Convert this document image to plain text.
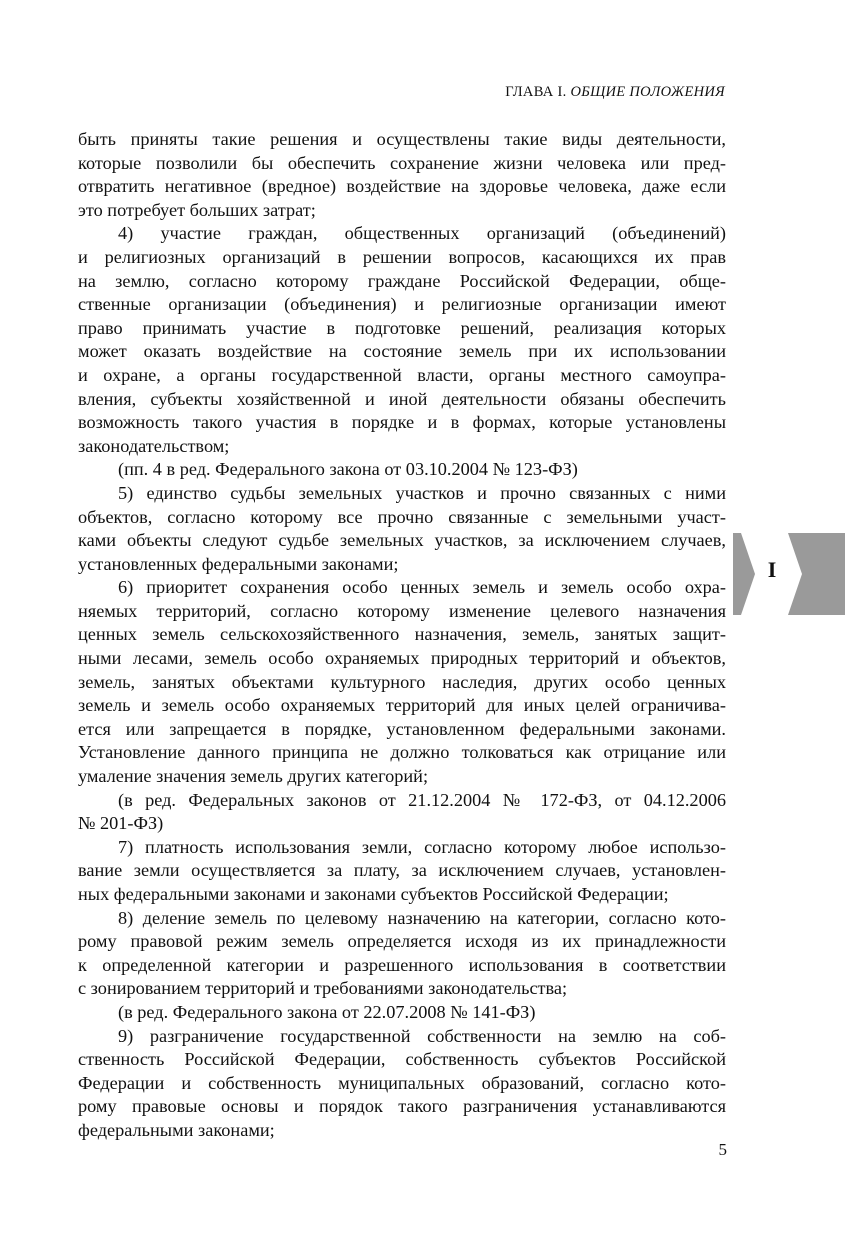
ГЛАВА I. ОБЩИЕ ПОЛОЖЕНИЯ

быть приняты такие решения и осуществлены такие виды деятельности,
которые позволили бы обеспечить сохранение жизни человека или пред-
отвратить негативное (вредное) воздействие на здоровье человека, даже если
это потребует больших затрат;

4) участие граждан, общественных организаций (объединений)
и религиозных организаций в решении вопросов, касающихся их прав
на землю, согласно которому граждане Российской Федерации, обще-
ственные организации (объединения) и религиозные организации имеют
право принимать участие в подготовке решений, реализация которых
может оказать воздействие на состояние земель при их использовании
и охране, а органы государственной власти, органы местного самоупра-
вления, субъекты хозяйственной и иной деятельности обязаны обеспечить
возможность такого участия в порядке и в формах, которые установлены
законодательством;

(пп. 4 в ред. Федерального закона от 03.10.2004 № 123-ФЗ)

5) единство судьбы земельных участков и прочно связанных с ними
объектов, согласно которому все прочно связанные с земельными участ-
ками объекты следуют судьбе земельных участков, за исключением случаев,
установленных федеральными законами;

6) приоритет сохранения особо ценных земель и земель особо охра-
няемых территорий, согласно которому изменение целевого назначения
ценных земель сельскохозяйственного назначения, земель, занятых защит-
ными лесами, земель особо охраняемых природных территорий и объектов,
земель, занятых объектами культурного наследия, других особо ценных
земель и земель особо охраняемых территорий для иных целей ограничива-
ется или запрещается в порядке, установленном федеральными законами.
Установление данного принципа не должно толковаться как отрицание или
умаление значения земель других категорий;

(в ред. Федеральных законов от 21.12.2004 № 172-ФЗ, от 04.12.2006
№ 201-ФЗ)

7) платность использования земли, согласно которому любое использо-
вание земли осуществляется за плату, за исключением случаев, установлен-
ных федеральными законами и законами субъектов Российской Федерации;

8) деление земель по целевому назначению на категории, согласно кото-
рому правовой режим земель определяется исходя из их принадлежности
к определенной категории и разрешенного использования в соответствии
с зонированием территорий и требованиями законодательства;

(в ред. Федерального закона от 22.07.2008 № 141-ФЗ)

9) разграничение государственной собственности на землю на соб-
ственность Российской Федерации, собственность субъектов Российской
Федерации и собственность муниципальных образований, согласно кото-
рому правовые основы и порядок такого разграничения устанавливаются
федеральными законами;

I
5
